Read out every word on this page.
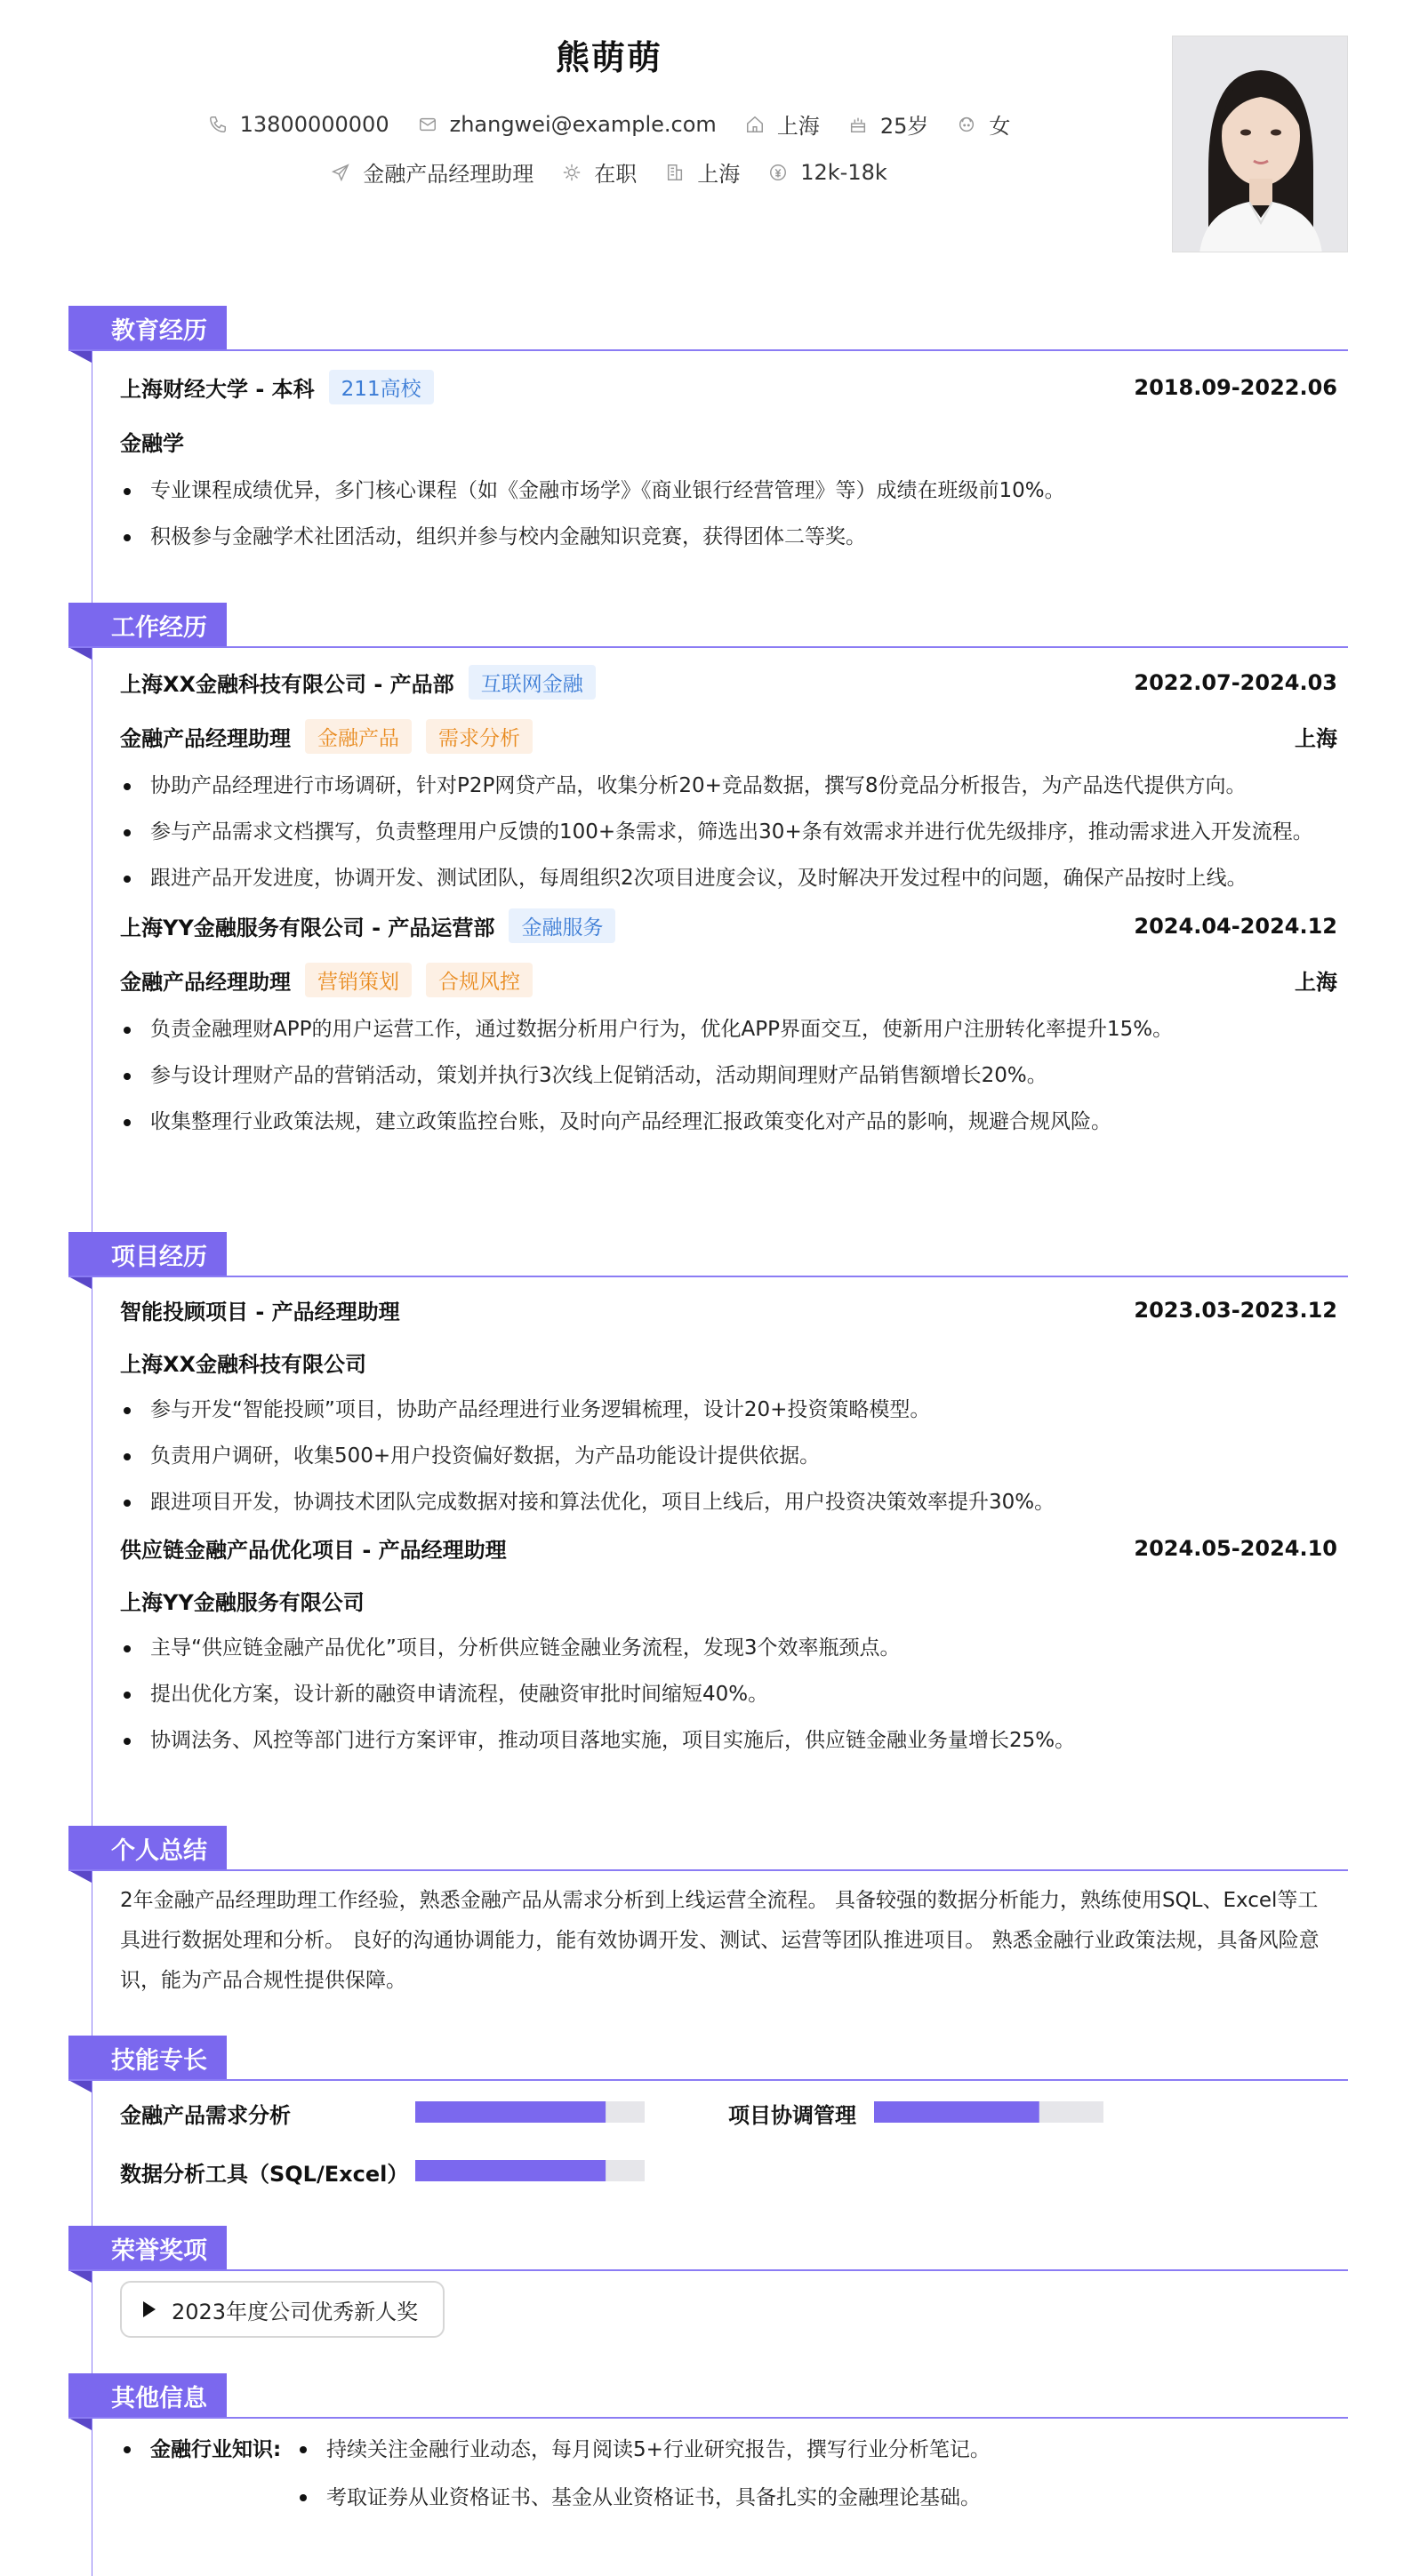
熊萌萌
13800000000	zhangwei@example.com	上海	25岁	女
金融产品经理助理	在职	上海	12k-18k
教育经历
上海财经大学 - 本科	211高校	2018.09-2022.06
金融学
专业课程成绩优异，多门核心课程（如《金融市场学》《商业银行经营管理》等）成绩在班级前10%。
积极参与金融学术社团活动，组织并参与校内金融知识竞赛，获得团体二等奖。
工作经历
上海XX金融科技有限公司 - 产品部	互联网金融	2022.07-2024.03
金融产品经理助理	金融产品	需求分析	上海
协助产品经理进行市场调研，针对P2P网贷产品，收集分析20+竞品数据，撰写8份竞品分析报告，为产品迭代提供方向。
参与产品需求文档撰写，负责整理用户反馈的100+条需求，筛选出30+条有效需求并进行优先级排序，推动需求进入开发流程。
跟进产品开发进度，协调开发、测试团队，每周组织2次项目进度会议，及时解决开发过程中的问题，确保产品按时上线。
上海YY金融服务有限公司 - 产品运营部	金融服务	2024.04-2024.12
金融产品经理助理	营销策划	合规风控	上海
负责金融理财APP的用户运营工作，通过数据分析用户行为，优化APP界面交互，使新用户注册转化率提升15%。
参与设计理财产品的营销活动，策划并执行3次线上促销活动，活动期间理财产品销售额增长20%。
收集整理行业政策法规，建立政策监控台账，及时向产品经理汇报政策变化对产品的影响，规避合规风险。
项目经历
智能投顾项目 - 产品经理助理	2023.03-2023.12
上海XX金融科技有限公司
参与开发“智能投顾”项目，协助产品经理进行业务逻辑梳理，设计20+投资策略模型。
负责用户调研，收集500+用户投资偏好数据，为产品功能设计提供依据。
跟进项目开发，协调技术团队完成数据对接和算法优化，项目上线后，用户投资决策效率提升30%。
供应链金融产品优化项目 - 产品经理助理	2024.05-2024.10
上海YY金融服务有限公司
主导“供应链金融产品优化”项目，分析供应链金融业务流程，发现3个效率瓶颈点。
提出优化方案，设计新的融资申请流程，使融资审批时间缩短40%。
协调法务、风控等部门进行方案评审，推动项目落地实施，项目实施后，供应链金融业务量增长25%。
个人总结
2年金融产品经理助理工作经验，熟悉金融产品从需求分析到上线运营全流程。 具备较强的数据分析能力，熟练使用SQL、Excel等工具进行数据处理和分析。 良好的沟通协调能力，能有效协调开发、测试、运营等团队推进项目。 熟悉金融行业政策法规，具备风险意识，能为产品合规性提供保障。
技能专长
金融产品需求分析	项目协调管理
数据分析工具（SQL/Excel）
荣誉奖项
2023年度公司优秀新人奖
其他信息
金融行业知识:	持续关注金融行业动态，每月阅读5+行业研究报告，撰写行业分析笔记。
考取证券从业资格证书、基金从业资格证书，具备扎实的金融理论基础。
